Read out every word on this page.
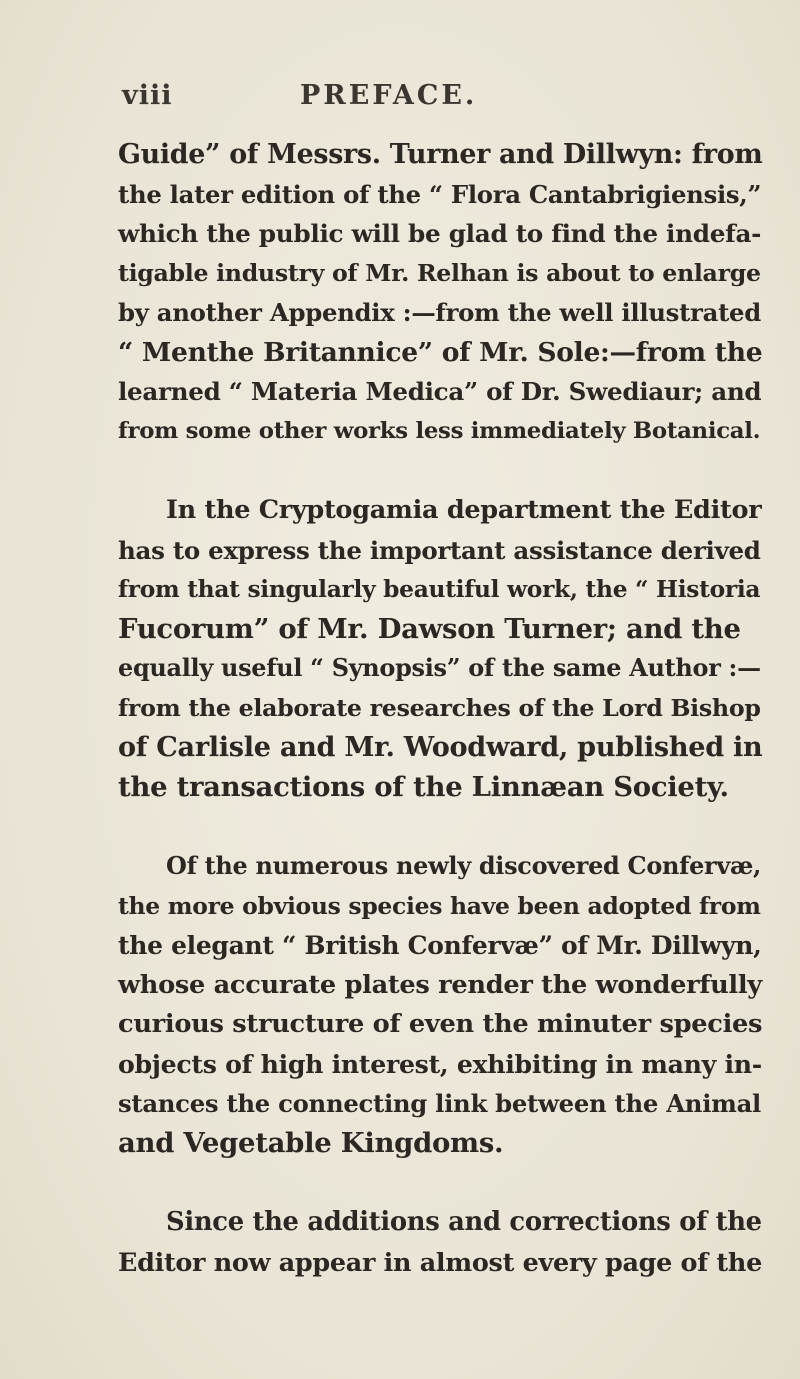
viii	PREFACE.

Guide” of Messrs. Turner and Dillwyn: from
the later edition of the “ Flora Cantabrigiensis,”
which the public will be glad to find the indefa-
tigable industry of Mr. Relhan is about to enlarge
by another Appendix :—from the well illustrated
“ Menthe Britannice” of Mr. Sole:—from the
learned “ Materia Medica” of Dr. Swediaur; and
from some other works less immediately Botanical.

In the Cryptogamia department the Editor
has to express the important assistance derived
from that singularly beautiful work, the “ Historia
Fucorum” of Mr. Dawson Turner; and the
equally useful “ Synopsis” of the same Author :—
from the elaborate researches of the Lord Bishop
of Carlisle and Mr. Woodward, published in
the transactions of the Linnæan Society.

Of the numerous newly discovered Confervæ,
the more obvious species have been adopted from
the elegant “ British Confervæ” of Mr. Dillwyn,
whose accurate plates render the wonderfully
curious structure of even the minuter species
objects of high interest, exhibiting in many in-
stances the connecting link between the Animal
and Vegetable Kingdoms.

Since the additions and corrections of the
Editor now appear in almost every page of the
